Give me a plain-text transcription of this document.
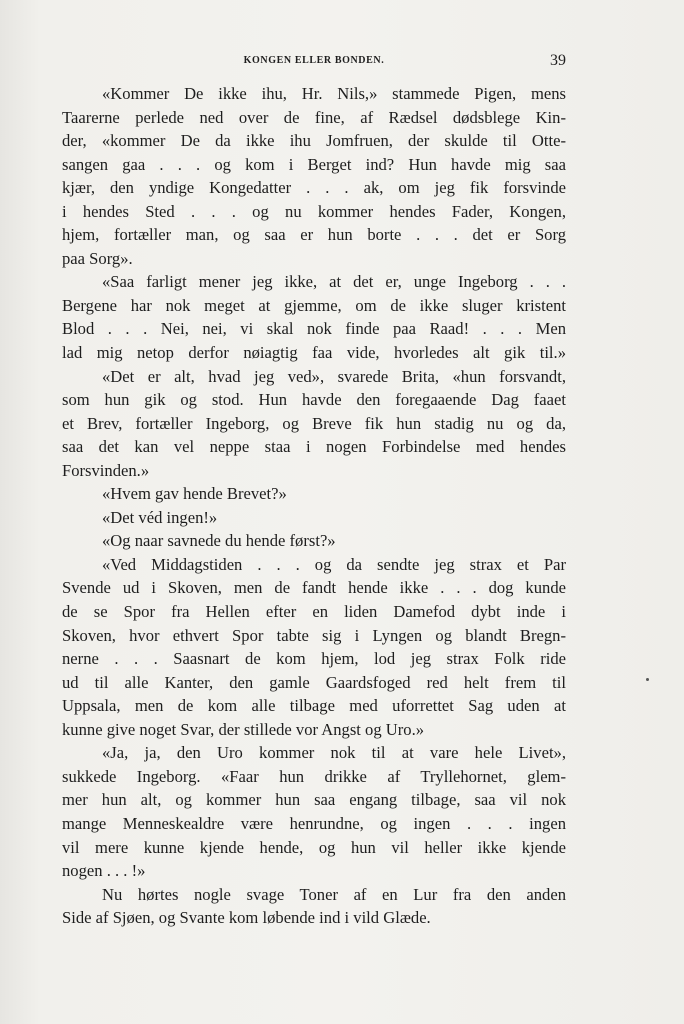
KONGEN ELLER BONDEN.	39
«Kommer De ikke ihu, Hr. Nils,» stammede Pigen, mens
Taarerne perlede ned over de fine, af Rædsel dødsblege Kin-
der, «kommer De da ikke ihu Jomfruen, der skulde til Otte-
sangen gaa . . . og kom i Berget ind? Hun havde mig saa
kjær, den yndige Kongedatter . . . ak, om jeg fik forsvinde
i hendes Sted . . . og nu kommer hendes Fader, Kongen,
hjem, fortæller man, og saa er hun borte . . . det er Sorg
paa Sorg».
«Saa farligt mener jeg ikke, at det er, unge Ingeborg . . .
Bergene har nok meget at gjemme, om de ikke sluger kristent
Blod . . . Nei, nei, vi skal nok finde paa Raad! . . . Men
lad mig netop derfor nøiagtig faa vide, hvorledes alt gik til.»
«Det er alt, hvad jeg ved», svarede Brita, «hun forsvandt,
som hun gik og stod. Hun havde den foregaaende Dag faaet
et Brev, fortæller Ingeborg, og Breve fik hun stadig nu og da,
saa det kan vel neppe staa i nogen Forbindelse med hendes
Forsvinden.»
«Hvem gav hende Brevet?»
«Det véd ingen!»
«Og naar savnede du hende først?»
«Ved Middagstiden . . . og da sendte jeg strax et Par
Svende ud i Skoven, men de fandt hende ikke . . . dog kunde
de se Spor fra Hellen efter en liden Damefod dybt inde i
Skoven, hvor ethvert Spor tabte sig i Lyngen og blandt Bregn-
nerne . . . Saasnart de kom hjem, lod jeg strax Folk ride
ud til alle Kanter, den gamle Gaardsfoged red helt frem til
Uppsala, men de kom alle tilbage med uforrettet Sag uden at
kunne give noget Svar, der stillede vor Angst og Uro.»
«Ja, ja, den Uro kommer nok til at vare hele Livet»,
sukkede Ingeborg. «Faar hun drikke af Tryllehornet, glem-
mer hun alt, og kommer hun saa engang tilbage, saa vil nok
mange Menneskealdre være henrundne, og ingen . . . ingen
vil mere kunne kjende hende, og hun vil heller ikke kjende
nogen . . . !»
Nu hørtes nogle svage Toner af en Lur fra den anden
Side af Sjøen, og Svante kom løbende ind i vild Glæde.
